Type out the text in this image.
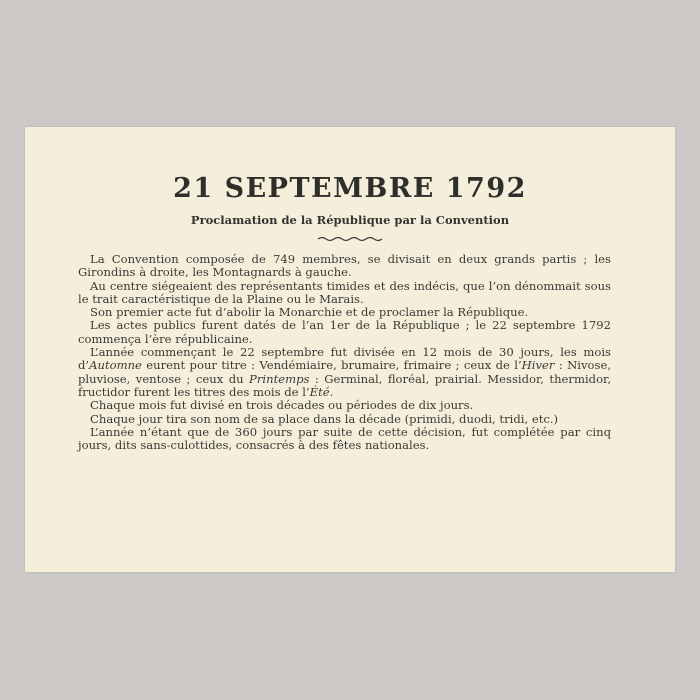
21 SEPTEMBRE 1792
Proclamation de la République par la Convention

La Convention composée de 749 membres, se divisait en deux grands partis ; les Girondins à droite, les Montagnards à gauche.

Au centre siégeaient des représentants timides et des indécis, que l’on dénommait sous le trait caractéristique de la Plaine ou le Marais.

Son premier acte fut d’abolir la Monarchie et de proclamer la République.

Les actes publics furent datés de l’an 1er de la République ; le 22 septembre 1792 commença l’ère républicaine.

L’année commençant le 22 septembre fut divisée en 12 mois de 30 jours, les mois d’Automne eurent pour titre : Vendémiaire, brumaire, frimaire ; ceux de l’Hiver : Nivose, pluviose, ventose ; ceux du Printemps : Germinal, floréal, prairial. Messidor, thermidor, fructidor furent les titres des mois de l’Été.

Chaque mois fut divisé en trois décades ou périodes de dix jours.

Chaque jour tira son nom de sa place dans la décade (primidi, duodi, tridi, etc.)

L’année n’étant que de 360 jours par suite de cette décision, fut complétée par cinq jours, dits sans-culottides, consacrés à des fêtes nationales.
